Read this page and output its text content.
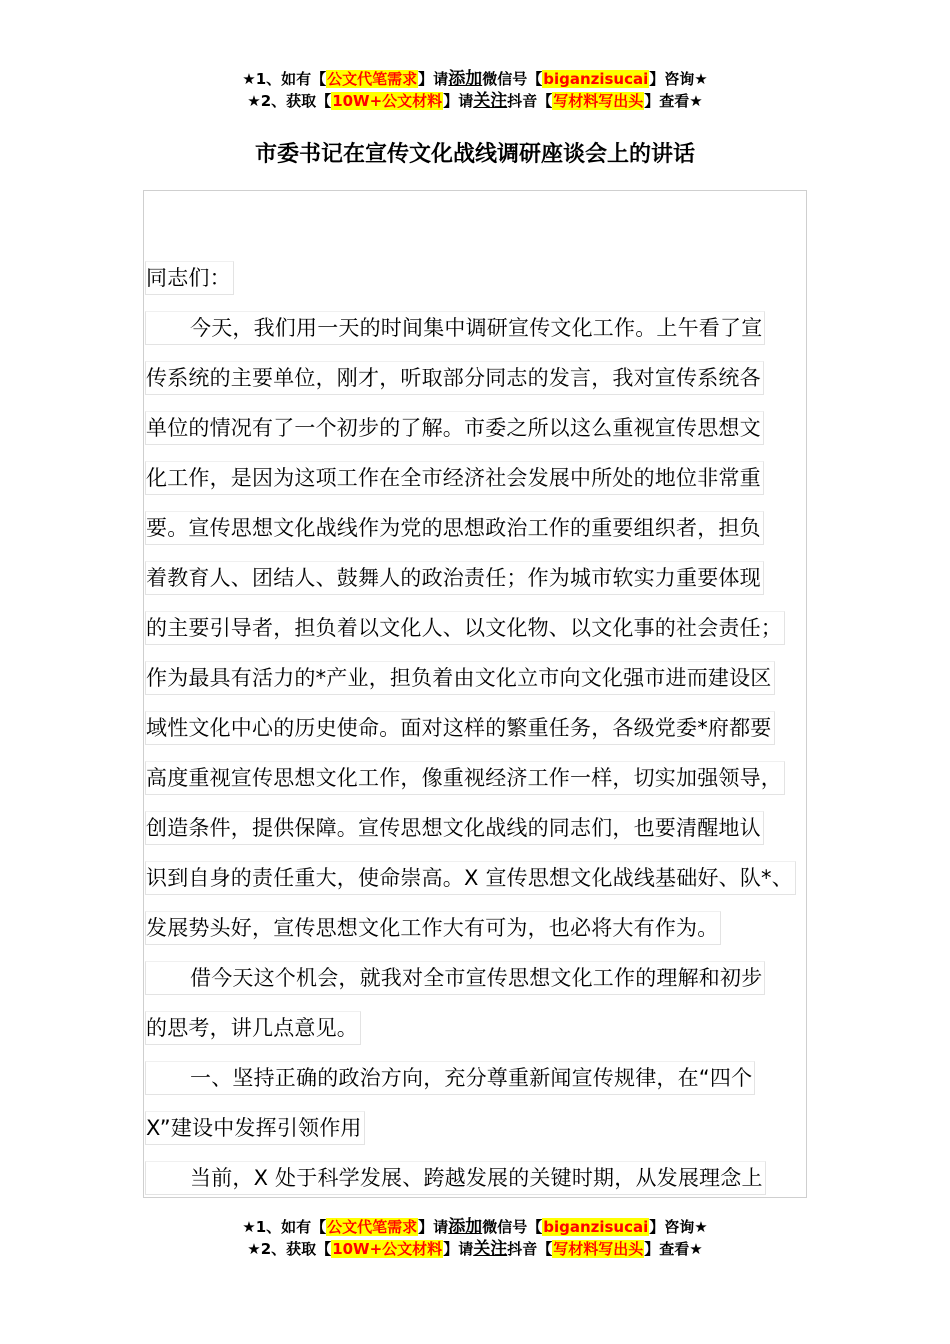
★1、如有【公文代笔需求】请添加微信号【biganzisucai】咨询★
★2、获取【10W+公文材料】请关注抖音【写材料写出头】查看★
市委书记在宣传文化战线调研座谈会上的讲话
同志们：
今天，我们用一天的时间集中调研宣传文化工作。上午看了宣
传系统的主要单位，刚才，听取部分同志的发言，我对宣传系统各
单位的情况有了一个初步的了解。市委之所以这么重视宣传思想文
化工作，是因为这项工作在全市经济社会发展中所处的地位非常重
要。宣传思想文化战线作为党的思想政治工作的重要组织者，担负
着教育人、团结人、鼓舞人的政治责任；作为城市软实力重要体现
的主要引导者，担负着以文化人、以文化物、以文化事的社会责任；
作为最具有活力的*产业，担负着由文化立市向文化强市进而建设区
域性文化中心的历史使命。面对这样的繁重任务，各级党委*府都要
高度重视宣传思想文化工作，像重视经济工作一样，切实加强领导，
创造条件，提供保障。宣传思想文化战线的同志们，也要清醒地认
识到自身的责任重大，使命崇高。X 宣传思想文化战线基础好、队*、
发展势头好，宣传思想文化工作大有可为，也必将大有作为。
借今天这个机会，就我对全市宣传思想文化工作的理解和初步
的思考，讲几点意见。
一、坚持正确的政治方向，充分尊重新闻宣传规律，在“四个
X”建设中发挥引领作用
当前，X 处于科学发展、跨越发展的关键时期，从发展理念上
★1、如有【公文代笔需求】请添加微信号【biganzisucai】咨询★
★2、获取【10W+公文材料】请关注抖音【写材料写出头】查看★
